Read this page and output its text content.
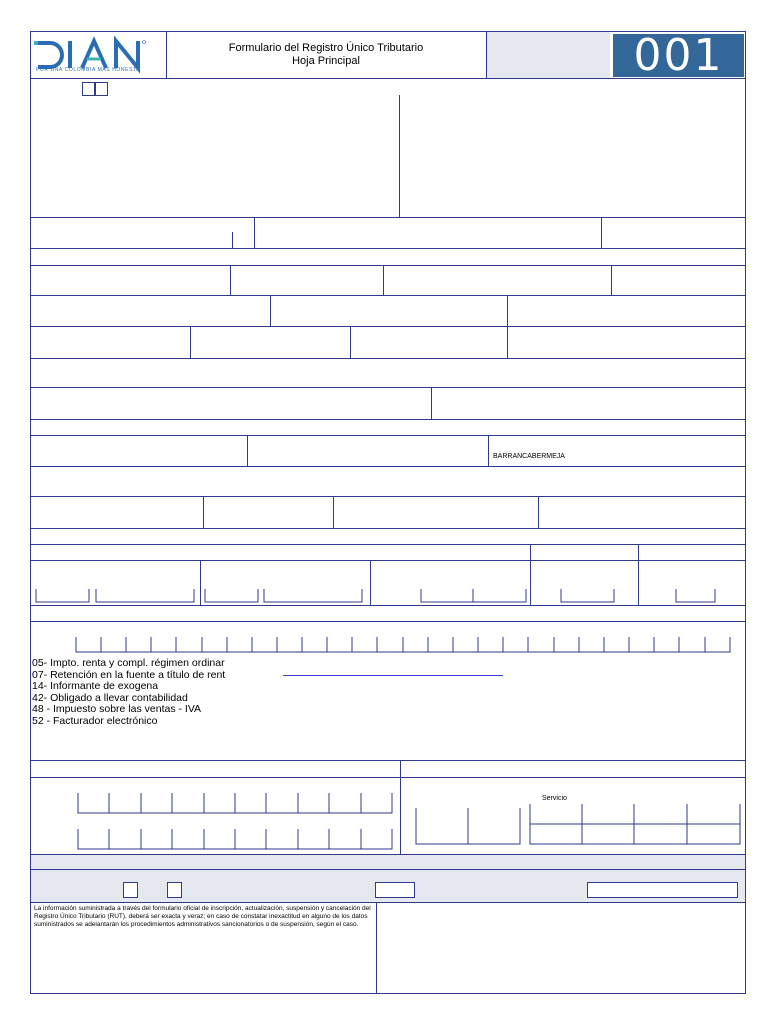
POR UNA COLOMBIA MÁS HONESTA
Formulario del Registro Único Tributario
Hoja Principal	001
BARRANCABERMEJA
05- Impto. renta y compl. régimen ordinar
07- Retención en la fuente a título de rent
14- Informante de exogena
42- Obligado a llevar contabilidad
48 - Impuesto sobre las ventas - IVA
52 - Facturador electrónico
Servicio
La información suministrada a través del formulario oficial de inscripción, actualización, suspensión y cancelación del Registro Único Tributario (RUT), deberá ser exacta y veraz; en caso de constatar inexactitud en alguno de los datos suministrados se adelantarán los procedimientos administrativos sancionatorios o de suspensión, según el caso.
